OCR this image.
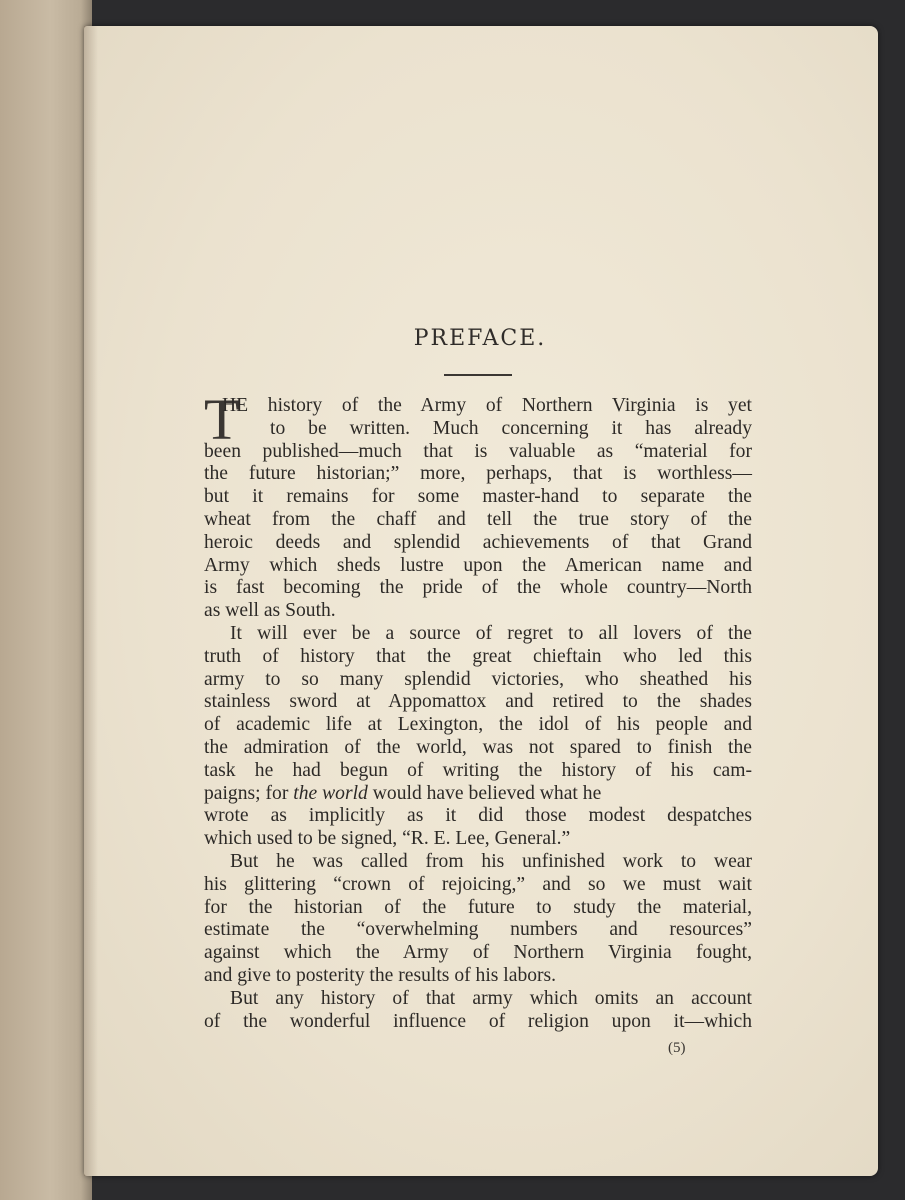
PREFACE.
T
HE history of the Army of Northern Virginia is yet
to be written. Much concerning it has already
been published—much that is valuable as “material for
the future historian;” more, perhaps, that is worthless—
but it remains for some master-hand to separate the
wheat from the chaff and tell the true story of the
heroic deeds and splendid achievements of that Grand
Army which sheds lustre upon the American name and
is fast becoming the pride of the whole country—North
as well as South.
It will ever be a source of regret to all lovers of the
truth of history that the great chieftain who led this
army to so many splendid victories, who sheathed his
stainless sword at Appomattox and retired to the shades
of academic life at Lexington, the idol of his people and
the admiration of the world, was not spared to finish the
task he had begun of writing the history of his cam-
paigns; for the world would have believed what he
wrote as implicitly as it did those modest despatches
which used to be signed, “R. E. Lee, General.”
But he was called from his unfinished work to wear
his glittering “crown of rejoicing,” and so we must wait
for the historian of the future to study the material,
estimate the “overwhelming numbers and resources”
against which the Army of Northern Virginia fought,
and give to posterity the results of his labors.
But any history of that army which omits an account
of the wonderful influence of religion upon it—which
(5)
